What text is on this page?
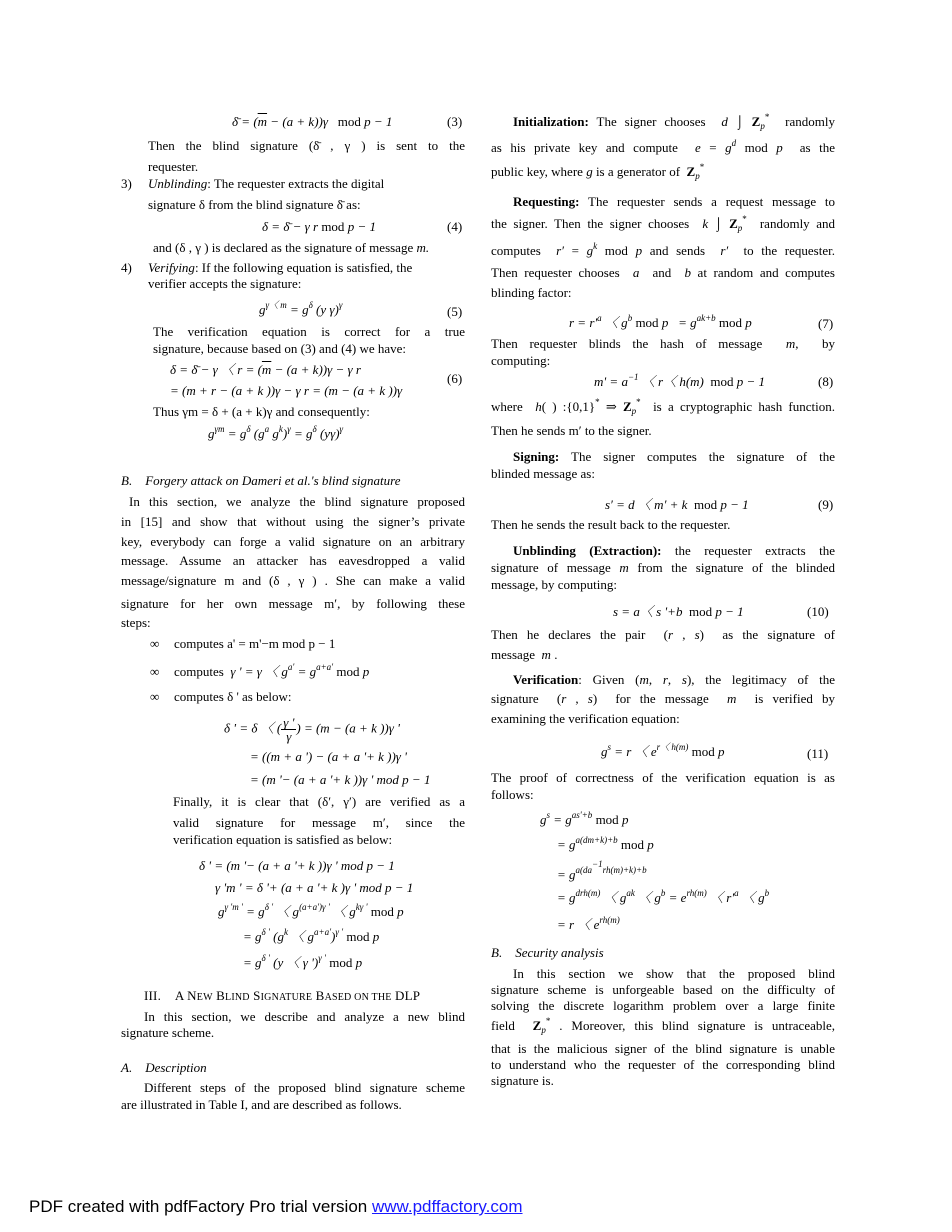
δ̄ = $(\overline{m} - (a + k))\gamma$   mod p − 1	(3)
Then the blind signature (δ̄ , γ ) is sent to the
requester.
3) Unblinding: The requester extracts the digital
signature δ from the blind signature δ̄ as:
δ = δ̄ − γ r mod p − 1	(4)
and (δ , γ ) is declared as the signature of message m.
4) Verifying: If the following equation is satisfied, the
verifier accepts the signature:
$g^{\gamma〈 m} = g^\delta$ (y γ)$^\gamma$	(5)
The verification equation is correct for a true
signature, because based on (3) and (4) we have:
δ = δ̄ − γ 〈 $r = (\overline{m} - (a + k))\gamma - \gamma$ r
= (m + r − (a + k ))γ − γ r = (m − (a + k ))γ
(6)
Thus γm = δ + (a + k)γ and consequently:
$g^{\gamma m} = g^\delta$ ($g^a$ $g^k)^\gamma = g^\delta$ $(y\gamma)^\gamma$
B. Forgery attack on Dameri et al.'s blind signature
In this section, we analyze the blind signature proposed
in [15] and show that without using the signer’s private
key, everybody can forge a valid signature on an arbitrary
message. Assume an attacker has eavesdropped a valid
message/signature m and (δ , γ ) . She can make a valid
signature for her own message m′, by following these
steps:
∞ computes a' = m'−m mod p − 1
∞ computes  γ ' = γ 〈 $g^{a'} = g^{a+a'}$ mod p
∞ computes δ ' as below:
δ ' = δ 〈 ( $\frac{\gamma '}{\gamma}$ ) = (m − (a + k ))γ '
= ((m + a ') − (a + a '+ k ))γ '
= (m '− (a + a '+ k ))γ ' mod p − 1
Finally, it is clear that (δ′, γ′) are verified as a
valid signature for message m′, since the
verification equation is satisfied as below:
δ ' = (m '− (a + a '+ k ))γ ' mod p − 1
γ 'm ' = δ '+ (a + a '+ k )γ ' mod p − 1
$g^{\gamma 'm '} = g^{\delta '}$ 〈 $g^{(a+a')\gamma '}$ 〈 $g^{k\gamma '}$ mod p
= $g^{\delta '}$ ($g^k$ 〈 $g^{a+a'})^{\gamma '}$ mod p
= $g^{\delta '}$ (y 〈 γ ')$^{\gamma '}$ mod p
III.    A NEW BLIND SIGNATURE BASED ON THE DLP
In this section, we describe and analyze a new blind
signature scheme.
A. Description
Different steps of the proposed blind signature scheme
are illustrated in Table I, and are described as follows.
Initialization: The signer chooses  d ⌡ $Z_p^*$  randomly
as his private key and compute  $e = g^d$ mod p  as the
public key, where g is a generator of  $Z_p^*$
Requesting: The requester sends a request message to
the signer. Then the signer chooses  k ⌡ $Z_p^*$  randomly and
computes  $r' = g^k$ mod p and sends  r′  to the requester.
Then requester chooses  a  and  b at random and computes
blinding factor:
$r = r'^a$ 〈 $g^b$ mod $p = g^{ak+b}$ mod p	(7)
Then requester blinds the hash of message  m,  by
computing:
$m' = a^{-1}$ 〈 r〈 h(m)  mod p − 1	(8)
where  h( ) :{0,1}* ⇒ $Z_p^*$  is a cryptographic hash function.
Then he sends m′ to the signer.
Signing: The signer computes the signature of the
blinded message as:
s′ = d 〈 m′ + k  mod p − 1	(9)
Then he sends the result back to the requester.
Unblinding (Extraction): the requester extracts the
signature of message m from the signature of the blinded
message, by computing:
s = a〈 s '+b  mod p − 1	(10)
Then he declares the pair  (r , s)  as the signature of
message  m .
Verification: Given (m, r, s), the legitimacy of the
signature  (r , s)  for the message  m  is verified by
examining the verification equation:
$g^s = r$ 〈 $e^{r〈 h(m)}$ mod p	(11)
The proof of correctness of the verification equation is as
follows:
$g^s = g^{as'+b}$ mod p
= $g^{a(dm+k)+b}$ mod p
= $g^{a(da^{-1}rh(m)+k)+b}$
= $g^{drh(m)}$ 〈 $g^{ak}$ 〈 $g^b = e^{rh(m)}$ 〈 $r'^a$ 〈 $g^b$
= r 〈 $e^{rh(m)}$
B. Security analysis
In this section we show that the proposed blind
signature scheme is unforgeable based on the difficulty of
solving the discrete logarithm problem over a large finite
field  $Z_p^*$ . Moreover, this blind signature is untraceable,
that is the malicious signer of the blind signature is unable
to understand who the requester of the corresponding blind
signature is.
PDF created with pdfFactory Pro trial version www.pdffactory.com
